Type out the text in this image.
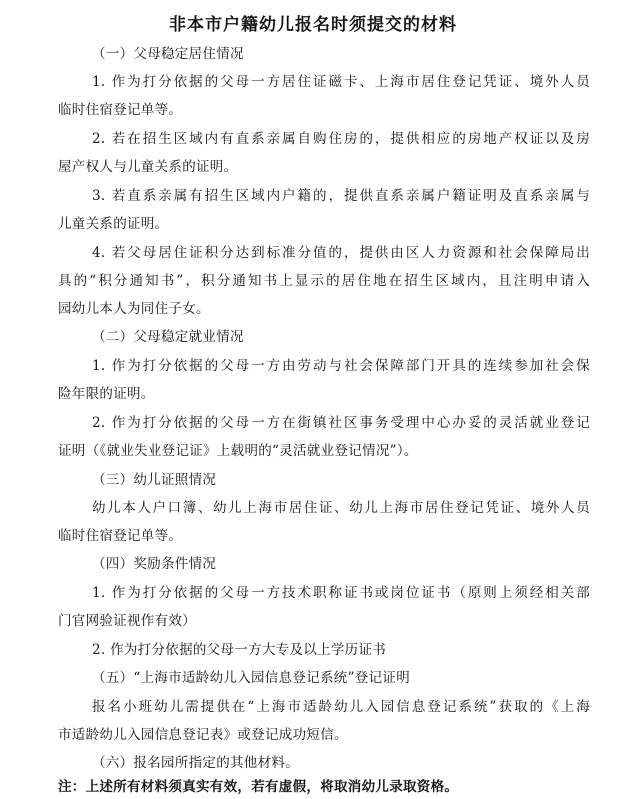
非本市户籍幼儿报名时须提交的材料

（一）父母稳定居住情况

1. 作为打分依据的父母一方居住证磁卡、上海市居住登记凭证、境外人员

临时住宿登记单等。

2. 若在招生区域内有直系亲属自购住房的，提供相应的房地产权证以及房

屋产权人与儿童关系的证明。

3. 若直系亲属有招生区域内户籍的，提供直系亲属户籍证明及直系亲属与

儿童关系的证明。

4. 若父母居住证积分达到标准分值的，提供由区人力资源和社会保障局出

具的“积分通知书”，积分通知书上显示的居住地在招生区域内，且注明申请入

园幼儿本人为同住子女。

（二）父母稳定就业情况

1. 作为打分依据的父母一方由劳动与社会保障部门开具的连续参加社会保

险年限的证明。

2. 作为打分依据的父母一方在街镇社区事务受理中心办妥的灵活就业登记

证明（《就业失业登记证》上载明的“灵活就业登记情况”）。

（三）幼儿证照情况

幼儿本人户口簿、幼儿上海市居住证、幼儿上海市居住登记凭证、境外人员

临时住宿登记单等。

（四）奖励条件情况

1. 作为打分依据的父母一方技术职称证书或岗位证书（原则上须经相关部

门官网验证视作有效）

2. 作为打分依据的父母一方大专及以上学历证书

（五）“上海市适龄幼儿入园信息登记系统”登记证明

报名小班幼儿需提供在“上海市适龄幼儿入园信息登记系统”获取的《上海

市适龄幼儿入园信息登记表》或登记成功短信。

（六）报名园所指定的其他材料。

注：上述所有材料须真实有效，若有虚假，将取消幼儿录取资格。
